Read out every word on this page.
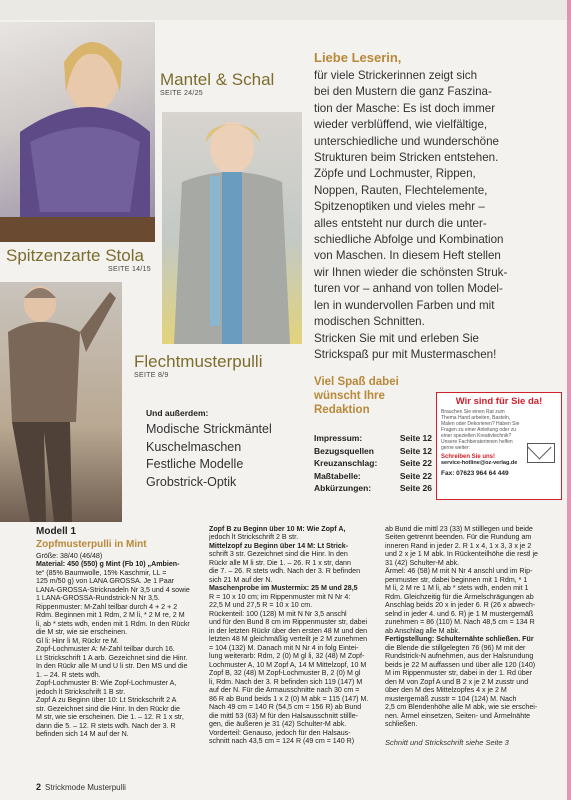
Mantel & Schal
SEITE 24/25
Spitzenzarte Stola
SEITE 14/15
Flechtmusterpulli
SEITE 8/9
Liebe Leserin,
für viele Strickerinnen zeigt sich
bei den Mustern die ganz Faszina-
tion der Masche: Es ist doch immer
wieder verblüffend, wie vielfältige,
unterschiedliche und wunderschöne
Strukturen beim Stricken entstehen.
Zöpfe und Lochmuster, Rippen,
Noppen, Rauten, Flechtelemente,
Spitzenoptiken und vieles mehr –
alles entsteht nur durch die unter-
schiedliche Abfolge und Kombination
von Maschen. In diesem Heft stellen
wir Ihnen wieder die schönsten Struk-
turen vor – anhand von tollen Model-
len in wundervollen Farben und mit
modischen Schnitten.
Stricken Sie mit und erleben Sie
Strickspaß pur mit Mustermaschen!
Viel Spaß dabei
wünscht Ihre
Redaktion
Und außerdem:
Modische Strickmäntel
Kuschelmaschen
Festliche Modelle
Grobstrick-Optik
Impressum:	Seite 12
Bezugsquellen	Seite 12
Kreuzanschlag:	Seite 22
Maßtabelle:	Seite 22
Abkürzungen:	Seite 26
Wir sind für Sie da!
Brauchen Sie einen Rat zum Thema Hand arbeiten, Basteln, Malen oder Dekorieren? Haben Sie Fragen zu einer Anleitung oder zu einer speziellen Kreativtechnik? Unsere Fachberaterinnen helfen gerne weiter:
Schreiben Sie uns!
service-hotline@oz-verlag.de
Fax: 07623 964 64 449
Modell 1
Zopfmusterpulli in Mint
Größe: 38/40 (46/48)
Material: 450 (550) g Mint (Fb 10) „Ambien-
te“ (85% Baumwolle, 15% Kaschmir, LL =
125 m/50 g) von LANA GROSSA. Je 1 Paar
LANA-GROSSA-Stricknadeln Nr 3,5 und 4 sowie
1 LANA-GROSSA-Rundstrick-N Nr 3,5.
Rippenmuster: M-Zahl teilbar durch 4 + 2 + 2
Rdm. Beginnen mit 1 Rdm, 2 M li, * 2 M re, 2 M
li, ab * stets wdh, enden mit 1 Rdm. In den Rückr
die M str, wie sie erscheinen.
Gl li: Hinr li M, Rückr re M.
Zopf-Lochmuster A: M-Zahl teilbar durch 16.
Lt Strickschrift 1 A arb. Gezeichnet sind die Hinr.
In den Rückr alle M und U li str. Den MS und die
1. – 24. R stets wdh.
Zopf-Lochmuster B: Wie Zopf-Lochmuster A,
jedoch lt Strickschrift 1 B str.
Zopf A zu Beginn über 10: Lt Strickschrift 2 A
str. Gezeichnet sind die Hinr. In den Rückr die
M str, wie sie erscheinen. Die 1. – 12. R 1 x str,
dann die 5. – 12. R stets wdh. Nach der 3. R
befinden sich 14 M auf der N.
Zopf B zu Beginn über 10 M: Wie Zopf A,
jedoch lt Strickschrift 2 B str.
Mittelzopf zu Beginn über 14 M: Lt Strick-
schrift 3 str. Gezeichnet sind die Hinr. In den
Rückr alle M li str. Die 1. – 26. R 1 x str, dann
die 7. – 26. R stets wdh. Nach der 3. R befinden
sich 21 M auf der N.
Maschenprobe im Mustermix: 25 M und 28,5
R = 10 x 10 cm; im Rippenmuster mit N Nr 4:
22,5 M und 27,5 R = 10 x 10 cm.
Rückenteil: 100 (128) M mit N Nr 3,5 anschl
und für den Bund 8 cm im Rippenmuster str, dabei
in der letzten Rückr über den ersten 48 M und den
letzten 48 M gleichmäßig verteilt je 2 M zunehmen
= 104 (132) M. Danach mit N Nr 4 in folg Eintei-
lung weiterarb: Rdm, 2 (0) M gl li, 32 (48) M Zopf-
Lochmuster A, 10 M Zopf A, 14 M Mittelzopf, 10 M
Zopf B, 32 (48) M Zopf-Lochmuster B, 2 (0) M gl
li, Rdm. Nach der 3. R befinden sich 119 (147) M
auf der N. Für die Armausschnitte nach 30 cm =
86 R ab Bund beids 1 x 2 (0) M abk = 115 (147) M.
Nach 49 cm = 140 R (54,5 cm = 156 R) ab Bund
die mittl 53 (63) M für den Halsausschnitt stillle-
gen, die äußeren je 31 (42) Schulter-M abk.
Vorderteil: Genauso, jedoch für den Halsaus-
schnitt nach 43,5 cm = 124 R (49 cm = 140 R)
ab Bund die mittl 23 (33) M stilllegen und beide
Seiten getrennt beenden. Für die Rundung am
inneren Rand in jeder 2. R 1 x 4, 1 x 3, 3 x je 2
und 2 x je 1 M abk. In Rückenteilhöhe die restl je
31 (42) Schulter-M abk.
Ärmel: 46 (58) M mit N Nr 4 anschl und im Rip-
penmuster str, dabei beginnen mit 1 Rdm, * 1
M li, 2 M re 1 M li, ab * stets wdh, enden mit 1
Rdm. Gleichzeitig für die Ärmelschrägungen ab
Anschlag beids 20 x in jeder 6. R (26 x abwech-
selnd in jeder 4. und 6. R) je 1 M mustergemäß
zunehmen = 86 (110) M. Nach 48,5 cm = 134 R
ab Anschlag alle M abk.
Fertigstellung: Schulternähte schließen. Für
die Blende die stillgelegten 76 (96) M mit der
Rundstrick-N aufnehmen, aus der Halsrundung
beids je 22 M auffassen und über alle 120 (140)
M im Rippenmuster str, dabei in der 1. Rd über
den M von Zopf A und B 2 x je 2 M zusstr und
über den M des Mittelzopfes 4 x je 2 M
mustergemäß zusstr = 104 (124) M. Nach
2,5 cm Blendenhöhe alle M abk, wie sie erschei-
nen. Ärmel einsetzen, Seiten- und Ärmelnähte
schließen.
Schnitt und Strickschrift siehe Seite 3
2 Strickmode Musterpulli
